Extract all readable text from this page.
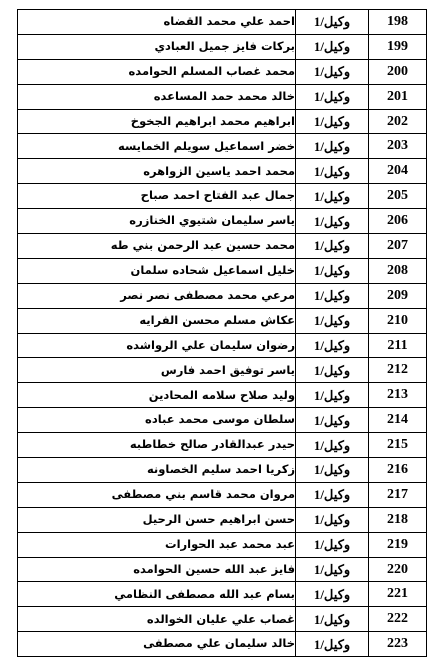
198	وكيل/1	احمد علي محمد القضاه
199	وكيل/1	بركات فايز جميل العبادي
200	وكيل/1	محمد غصاب المسلم الحوامده
201	وكيل/1	خالد محمد حمد المساعده
202	وكيل/1	ابراهيم محمد ابراهيم الجخوخ
203	وكيل/1	خضر اسماعيل سويلم الخمايسه
204	وكيل/1	محمد احمد ياسين الزواهره
205	وكيل/1	جمال عبد الفتاح احمد صباح
206	وكيل/1	ياسر سليمان شتيوي الخنازره
207	وكيل/1	محمد حسين عبد الرحمن بني طه
208	وكيل/1	خليل اسماعيل شحاده سلمان
209	وكيل/1	مرعي محمد مصطفى نصر نصر
210	وكيل/1	عكاش مسلم محسن الفرايه
211	وكيل/1	رضوان سليمان علي الرواشده
212	وكيل/1	ياسر توفيق احمد فارس
213	وكيل/1	وليد صلاح سلامه المحادين
214	وكيل/1	سلطان موسى محمد عباده
215	وكيل/1	حيدر عبدالقادر صالح خطاطبه
216	وكيل/1	زكريا احمد سليم الخصاونه
217	وكيل/1	مروان محمد قاسم بني مصطفى
218	وكيل/1	حسن ابراهيم حسن الرحيل
219	وكيل/1	عبد محمد عبد الحوارات
220	وكيل/1	فايز عبد الله حسين الحوامده
221	وكيل/1	بسام عبد الله مصطفى النظامي
222	وكيل/1	غصاب علي عليان الخوالده
223	وكيل/1	خالد سليمان علي مصطفى
